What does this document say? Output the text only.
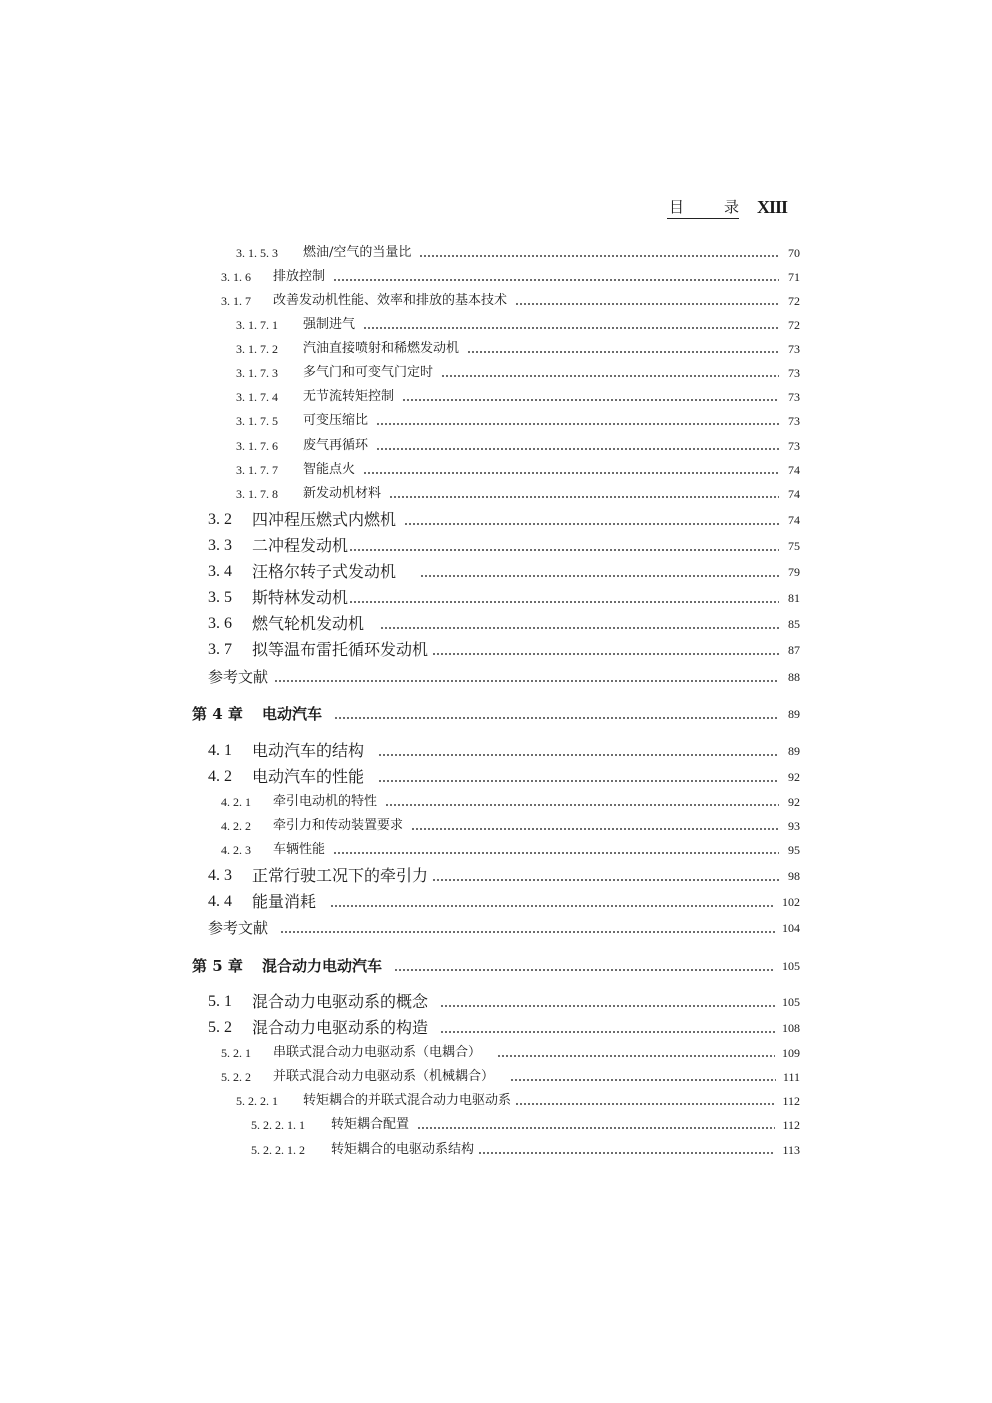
目	录 XIII
3. 1. 5. 3	燃油/空气的当量比	70
3. 1. 6	排放控制	71
3. 1. 7	改善发动机性能、效率和排放的基本技术	72
3. 1. 7. 1	强制进气	72
3. 1. 7. 2	汽油直接喷射和稀燃发动机	73
3. 1. 7. 3	多气门和可变气门定时	73
3. 1. 7. 4	无节流转矩控制	73
3. 1. 7. 5	可变压缩比	73
3. 1. 7. 6	废气再循环	73
3. 1. 7. 7	智能点火	74
3. 1. 7. 8	新发动机材料	74
3. 2	四冲程压燃式内燃机	74
3. 3	二冲程发动机	75
3. 4	汪格尔转子式发动机	79
3. 5	斯特林发动机	81
3. 6	燃气轮机发动机	85
3. 7	拟等温布雷托循环发动机	87
参考文献	88
第 4 章	电动汽车	89
4. 1	电动汽车的结构	89
4. 2	电动汽车的性能	92
4. 2. 1	牵引电动机的特性	92
4. 2. 2	牵引力和传动装置要求	93
4. 2. 3	车辆性能	95
4. 3	正常行驶工况下的牵引力	98
4. 4	能量消耗	102
参考文献	104
第 5 章	混合动力电动汽车	105
5. 1	混合动力电驱动系的概念	105
5. 2	混合动力电驱动系的构造	108
5. 2. 1	串联式混合动力电驱动系（电耦合）	109
5. 2. 2	并联式混合动力电驱动系（机械耦合）	111
5. 2. 2. 1	转矩耦合的并联式混合动力电驱动系	112
5. 2. 2. 1. 1	转矩耦合配置	112
5. 2. 2. 1. 2	转矩耦合的电驱动系结构	113
